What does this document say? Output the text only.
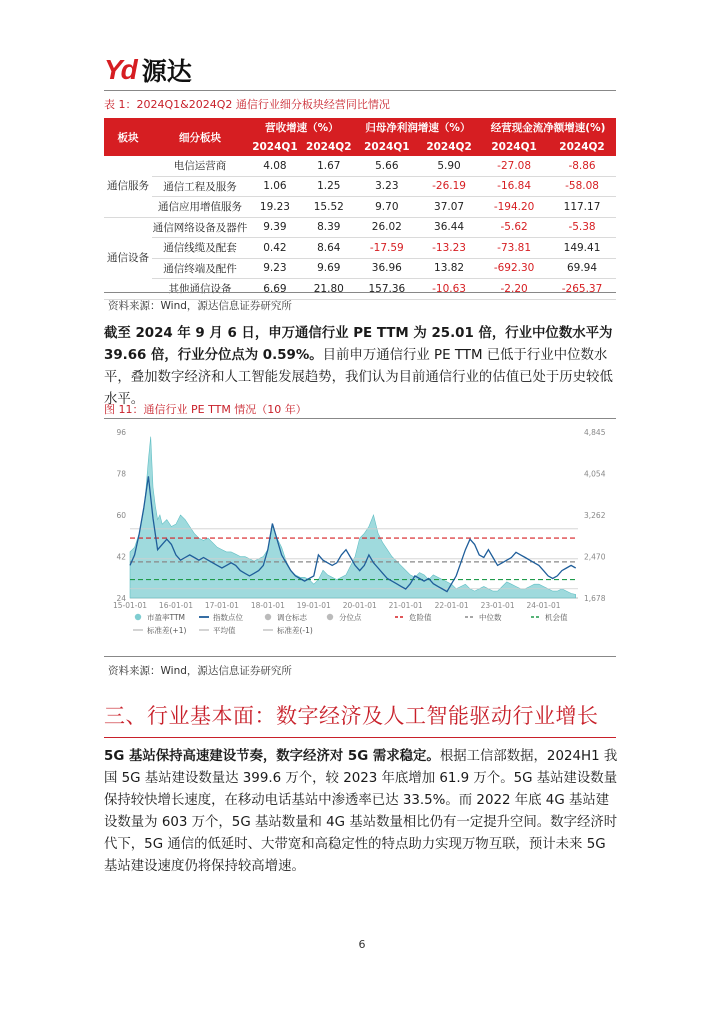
Yd 源达
表 1：2024Q1&2024Q2 通信行业细分板块经营同比情况
板块	细分板块	营收增速（%）		归母净利润增速（%）		经营现金流净额增速(%)	
		2024Q1	2024Q2	2024Q1	2024Q2	2024Q1	2024Q2
通信服务	电信运营商	4.08	1.67	5.66	5.90	-27.08	-8.86
	通信工程及服务	1.06	1.25	3.23	-26.19	-16.84	-58.08
	通信应用增值服务	19.23	15.52	9.70	37.07	-194.20	117.17
通信设备	通信网络设备及器件	9.39	8.39	26.02	36.44	-5.62	-5.38
	通信线缆及配套	0.42	8.64	-17.59	-13.23	-73.81	149.41
	通信终端及配件	9.23	9.69	36.96	13.82	-692.30	69.94
	其他通信设备	6.69	21.80	157.36	-10.63	-2.20	-265.37
资料来源：Wind，源达信息证券研究所
截至 2024 年 9 月 6 日，申万通信行业 PE TTM 为 25.01 倍，行业中位数水平为 39.66 倍，行业分位点为 0.59%。目前申万通信行业 PE TTM 已低于行业中位数水平，叠加数字经济和人工智能发展趋势，我们认为目前通信行业的估值已处于历史较低水平。
图 11：通信行业 PE TTM 情况（10 年）
24
42
60
78
96
1,678
2,470
3,262
4,054
4,845
15-01-01 16-01-01 17-01-01 18-01-01 19-01-01 20-01-01 21-01-01 22-01-01 23-01-01 24-01-01
市盈率TTM	指数点位	调仓标志	分位点	危险值	中位数	机会值
标准差(+1)	平均值	标准差(-1)
资料来源：Wind，源达信息证券研究所
三、行业基本面：数字经济及人工智能驱动行业增长
5G 基站保持高速建设节奏，数字经济对 5G 需求稳定。根据工信部数据，2024H1 我国 5G 基站建设数量达 399.6 万个，较 2023 年底增加 61.9 万个。5G 基站建设数量保持较快增长速度，在移动电话基站中渗透率已达 33.5%。而 2022 年底 4G 基站建设数量为 603 万个，5G 基站数量和 4G 基站数量相比仍有一定提升空间。数字经济时代下，5G 通信的低延时、大带宽和高稳定性的特点助力实现万物互联，预计未来 5G 基站建设速度仍将保持较高增速。
6
